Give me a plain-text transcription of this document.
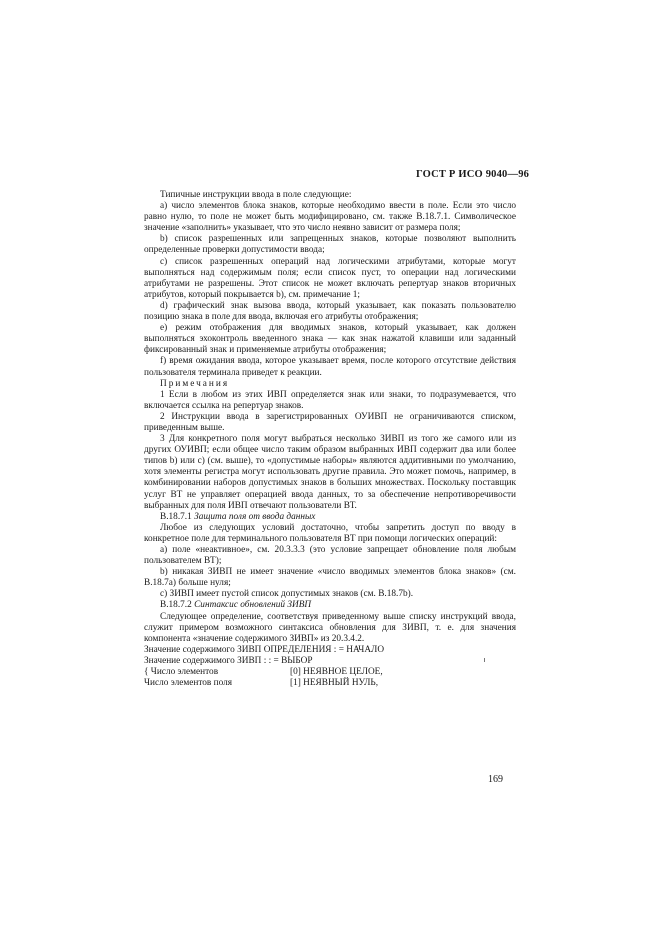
ГОСТ Р ИСО 9040—96

Типичные инструкции ввода в поле следующие:

a) число элементов блока знаков, которые необходимо ввести в поле. Если это число равно нулю, то поле не может быть модифицировано, см. также В.18.7.1. Символическое значение «заполнить» указывает, что это число неявно зависит от размера поля;

b) список разрешенных или запрещенных знаков, которые позволяют выполнить определенные проверки допустимости ввода;

c) список разрешенных операций над логическими атрибутами, которые могут выполняться над содержимым поля; если список пуст, то операции над логическими атрибутами не разрешены. Этот список не может включать репертуар знаков вторичных атрибутов, который покрывается b), см. примечание 1;

d) графический знак вызова ввода, который указывает, как показать пользователю позицию знака в поле для ввода, включая его атрибуты отображения;

e) режим отображения для вводимых знаков, который указывает, как должен выполняться эхоконтроль введенного знака — как знак нажатой клавиши или заданный фиксированный знак и применяемые атрибуты отображения;

f) время ожидания ввода, которое указывает время, после которого отсутствие действия пользователя терминала приведет к реакции.

Примечания

1 Если в любом из этих ИВП определяется знак или знаки, то подразумевается, что включается ссылка на репертуар знаков.

2 Инструкции ввода в зарегистрированных ОУИВП не ограничиваются списком, приведенным выше.

3 Для конкретного поля могут выбраться несколько ЗИВП из того же самого или из других ОУИВП; если общее число таким образом выбранных ИВП содержит два или более типов b) или c) (см. выше), то «допустимые наборы» являются аддитивными по умолчанию, хотя элементы регистра могут использовать другие правила. Это может помочь, например, в комбинировании наборов допустимых знаков в больших множествах. Поскольку поставщик услуг ВТ не управляет операцией ввода данных, то за обеспечение непротиворечивости выбранных для поля ИВП отвечают пользователи ВТ.

В.18.7.1 Защита поля от ввода данных

Любое из следующих условий достаточно, чтобы запретить доступ по вводу в конкретное поле для терминального пользователя ВТ при помощи логических операций:

a) поле «неактивное», см. 20.3.3.3 (это условие запрещает обновление поля любым пользователем ВТ);

b) никакая ЗИВП не имеет значение «число вводимых элементов блока знаков» (см. В.18.7a) больше нуля;

c) ЗИВП имеет пустой список допустимых знаков (см. В.18.7b).

В.18.7.2 Синтаксис обновлений ЗИВП

Следующее определение, соответствуя приведенному выше списку инструкций ввода, служит примером возможного синтаксиса обновления для ЗИВП, т. е. для значения компонента «значение содержимого ЗИВП» из 20.3.4.2.

Значение содержимого ЗИВП ОПРЕДЕЛЕНИЯ : = НАЧАЛО

Значение содержимого ЗИВП : : = ВЫБОР

{ Число элементов	[0] НЕЯВНОЕ ЦЕЛОЕ,
Число элементов поля	[1] НЕЯВНЫЙ НУЛЬ,
169
